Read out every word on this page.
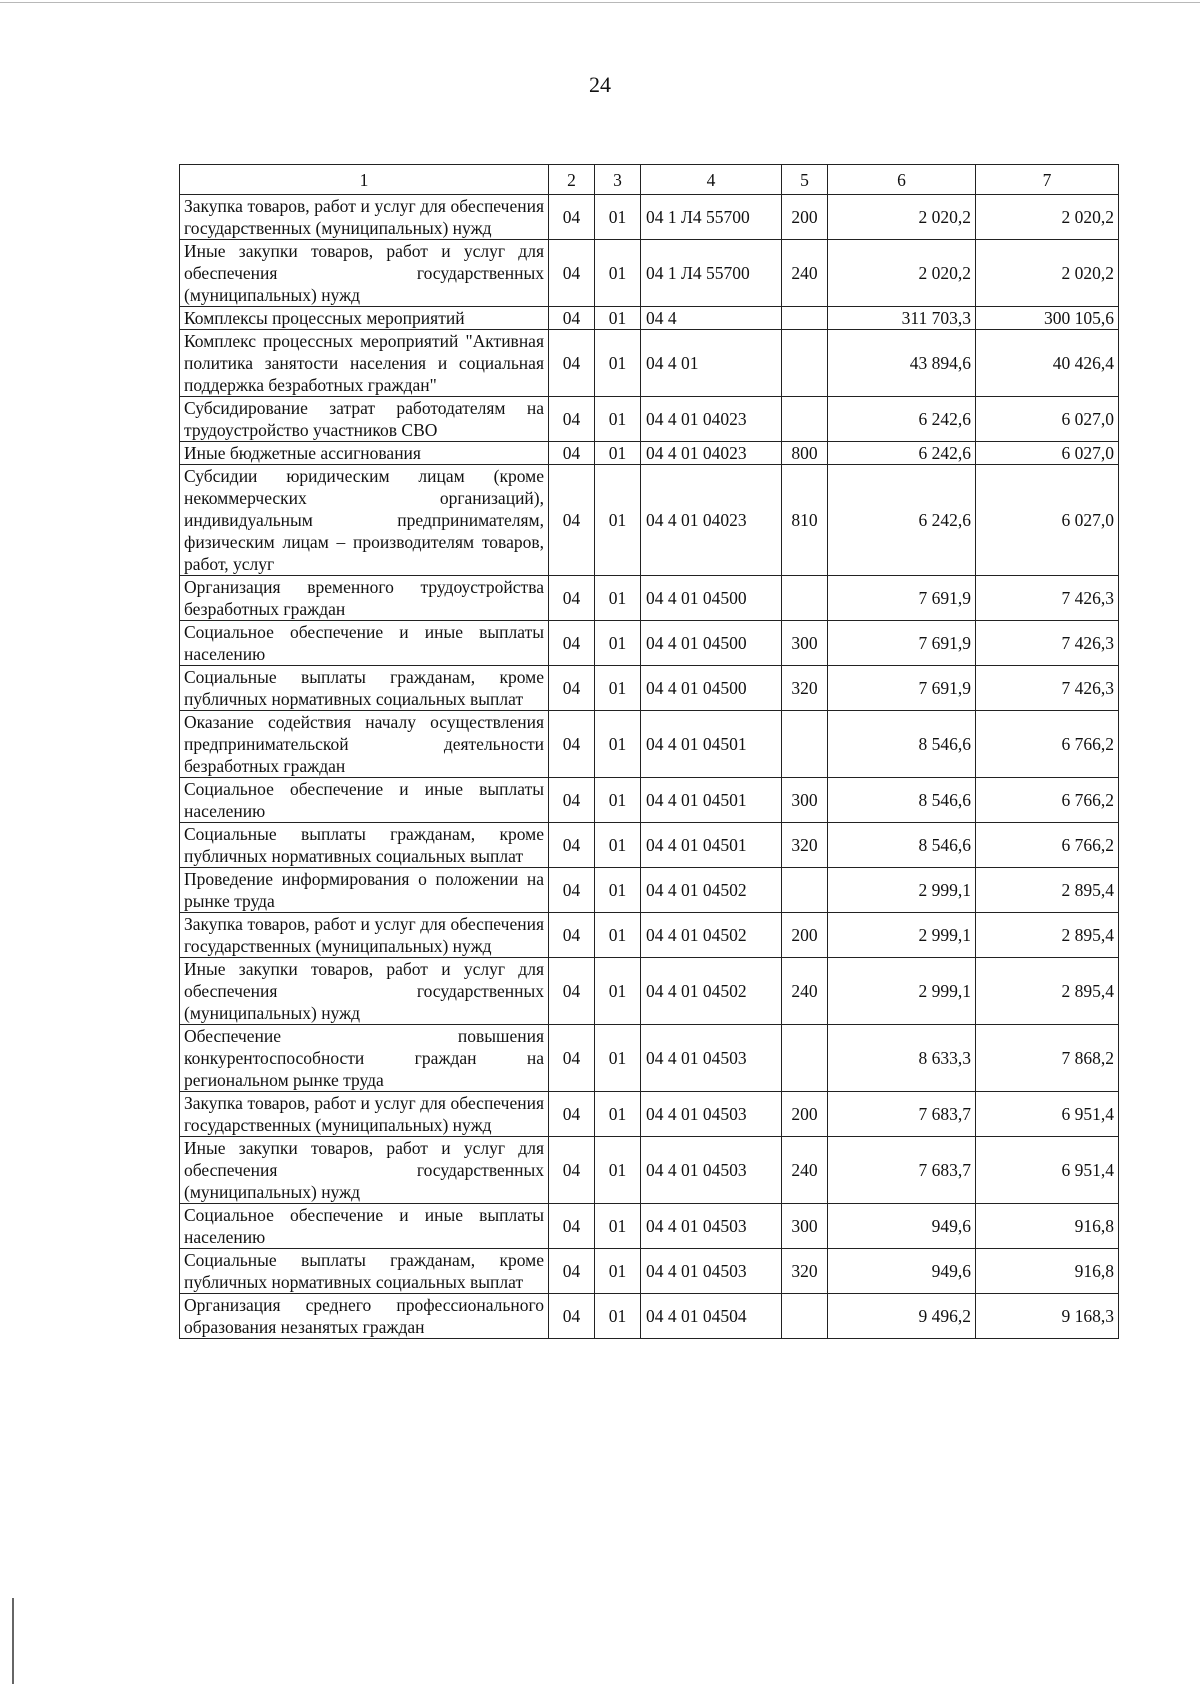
24
1	2	3	4	5	6	7
Закупка товаров, работ и услуг для обеспечения государственных (муниципальных) нужд	04	01	04 1 Л4 55700	200	2 020,2	2 020,2
Иные закупки товаров, работ и услуг для обеспечения государственных (муниципальных) нужд	04	01	04 1 Л4 55700	240	2 020,2	2 020,2
Комплексы процессных мероприятий	04	01	04 4		311 703,3	300 105,6
Комплекс процессных мероприятий "Активная политика занятости населения и социальная поддержка безработных граждан"	04	01	04 4 01		43 894,6	40 426,4
Субсидирование затрат работодателям на трудоустройство участников СВО	04	01	04 4 01 04023		6 242,6	6 027,0
Иные бюджетные ассигнования	04	01	04 4 01 04023	800	6 242,6	6 027,0
Субсидии юридическим лицам (кроме некоммерческих организаций), индивидуальным предпринимателям, физическим лицам – производителям товаров, работ, услуг	04	01	04 4 01 04023	810	6 242,6	6 027,0
Организация временного трудоустройства безработных граждан	04	01	04 4 01 04500		7 691,9	7 426,3
Социальное обеспечение и иные выплаты населению	04	01	04 4 01 04500	300	7 691,9	7 426,3
Социальные выплаты гражданам, кроме публичных нормативных социальных выплат	04	01	04 4 01 04500	320	7 691,9	7 426,3
Оказание содействия началу осуществления предпринимательской деятельности безработных граждан	04	01	04 4 01 04501		8 546,6	6 766,2
Социальное обеспечение и иные выплаты населению	04	01	04 4 01 04501	300	8 546,6	6 766,2
Социальные выплаты гражданам, кроме публичных нормативных социальных выплат	04	01	04 4 01 04501	320	8 546,6	6 766,2
Проведение информирования о положении на рынке труда	04	01	04 4 01 04502		2 999,1	2 895,4
Закупка товаров, работ и услуг для обеспечения государственных (муниципальных) нужд	04	01	04 4 01 04502	200	2 999,1	2 895,4
Иные закупки товаров, работ и услуг для обеспечения государственных (муниципальных) нужд	04	01	04 4 01 04502	240	2 999,1	2 895,4
Обеспечение повышения конкурентоспособности граждан на региональном рынке труда	04	01	04 4 01 04503		8 633,3	7 868,2
Закупка товаров, работ и услуг для обеспечения государственных (муниципальных) нужд	04	01	04 4 01 04503	200	7 683,7	6 951,4
Иные закупки товаров, работ и услуг для обеспечения государственных (муниципальных) нужд	04	01	04 4 01 04503	240	7 683,7	6 951,4
Социальное обеспечение и иные выплаты населению	04	01	04 4 01 04503	300	949,6	916,8
Социальные выплаты гражданам, кроме публичных нормативных социальных выплат	04	01	04 4 01 04503	320	949,6	916,8
Организация среднего профессионального образования незанятых граждан	04	01	04 4 01 04504		9 496,2	9 168,3
